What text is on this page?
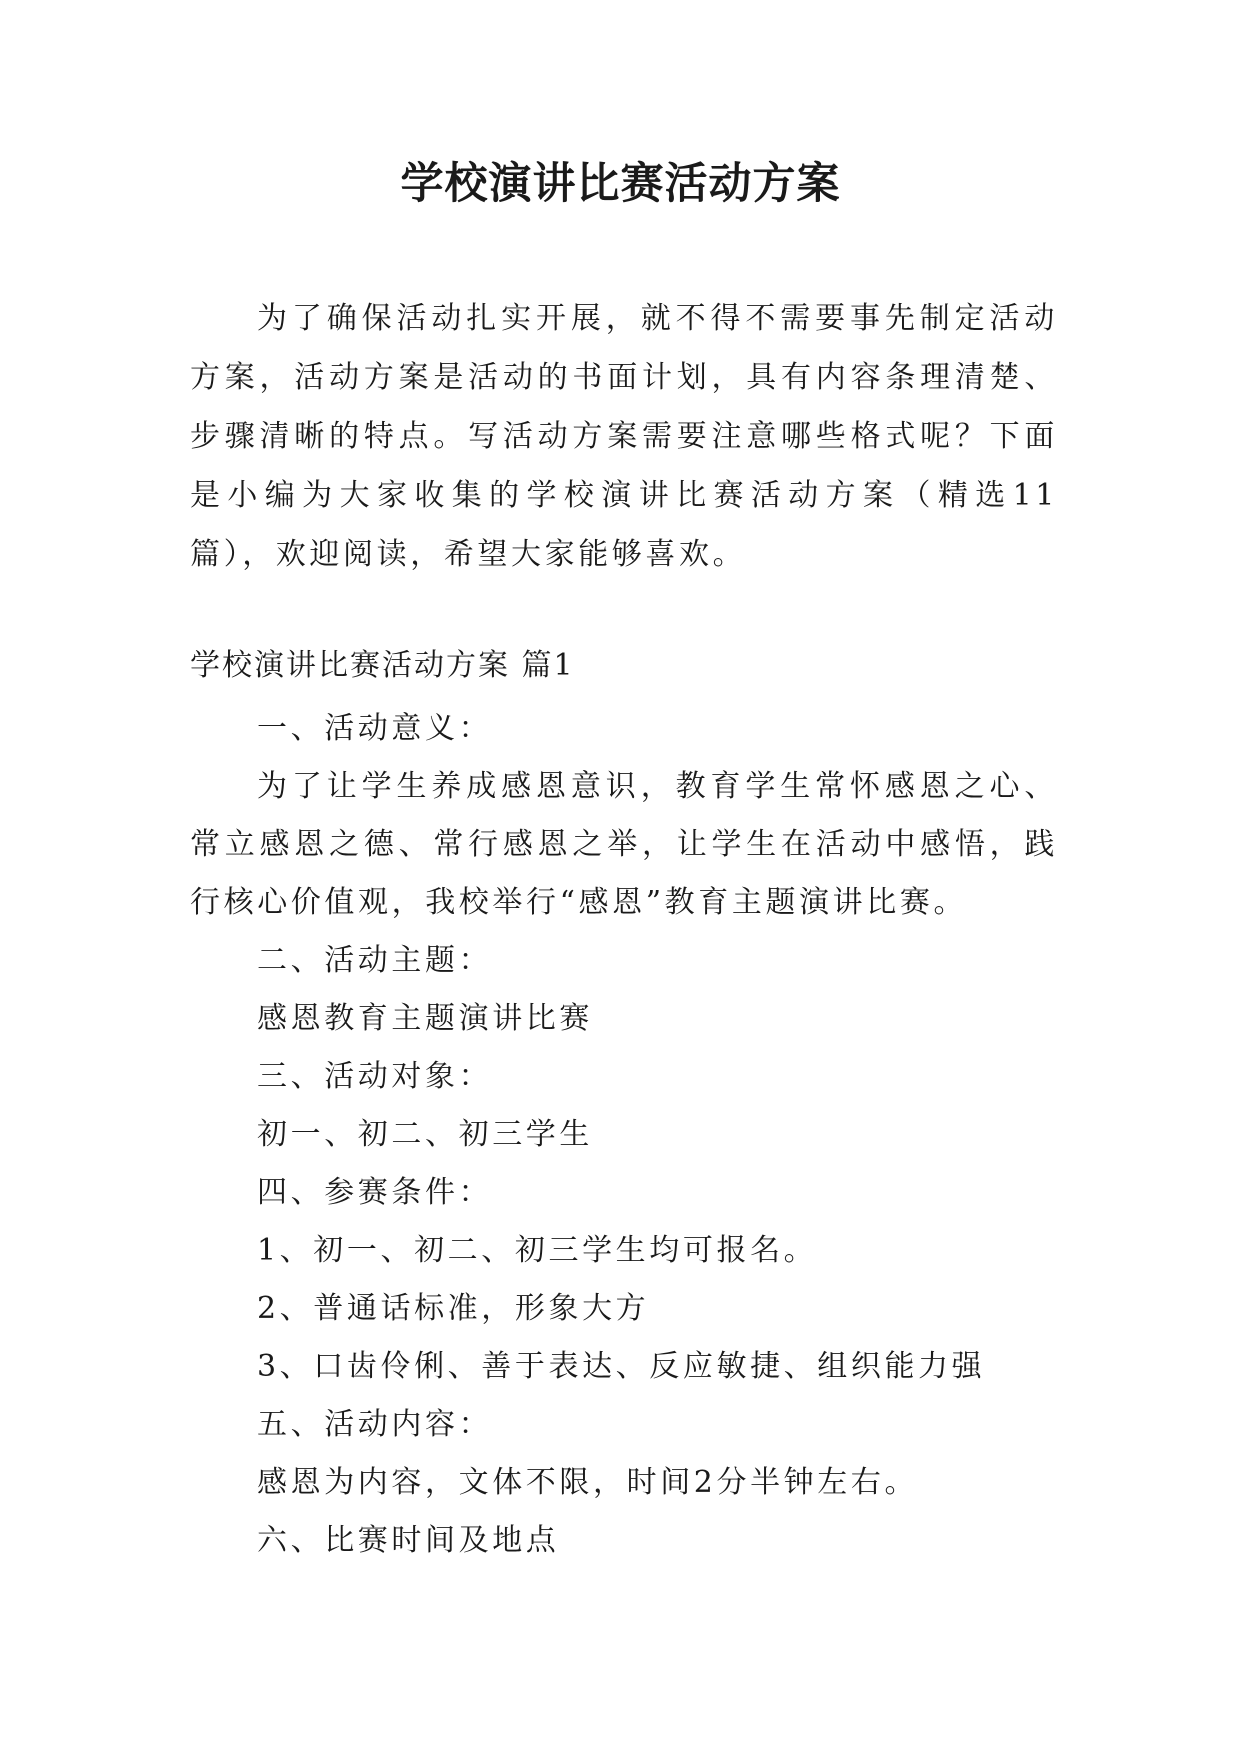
学校演讲比赛活动方案

为了确保活动扎实开展，就不得不需要事先制定活动方案，活动方案是活动的书面计划，具有内容条理清楚、步骤清晰的特点。写活动方案需要注意哪些格式呢？下面是小编为大家收集的学校演讲比赛活动方案（精选11篇），欢迎阅读，希望大家能够喜欢。

学校演讲比赛活动方案 篇1

一、活动意义：

为了让学生养成感恩意识，教育学生常怀感恩之心、常立感恩之德、常行感恩之举，让学生在活动中感悟，践行核心价值观，我校举行“感恩”教育主题演讲比赛。

二、活动主题：

感恩教育主题演讲比赛

三、活动对象：

初一、初二、初三学生

四、参赛条件：

1、初一、初二、初三学生均可报名。

2、普通话标准，形象大方

3、口齿伶俐、善于表达、反应敏捷、组织能力强

五、活动内容：

感恩为内容，文体不限，时间2分半钟左右。

六、比赛时间及地点
